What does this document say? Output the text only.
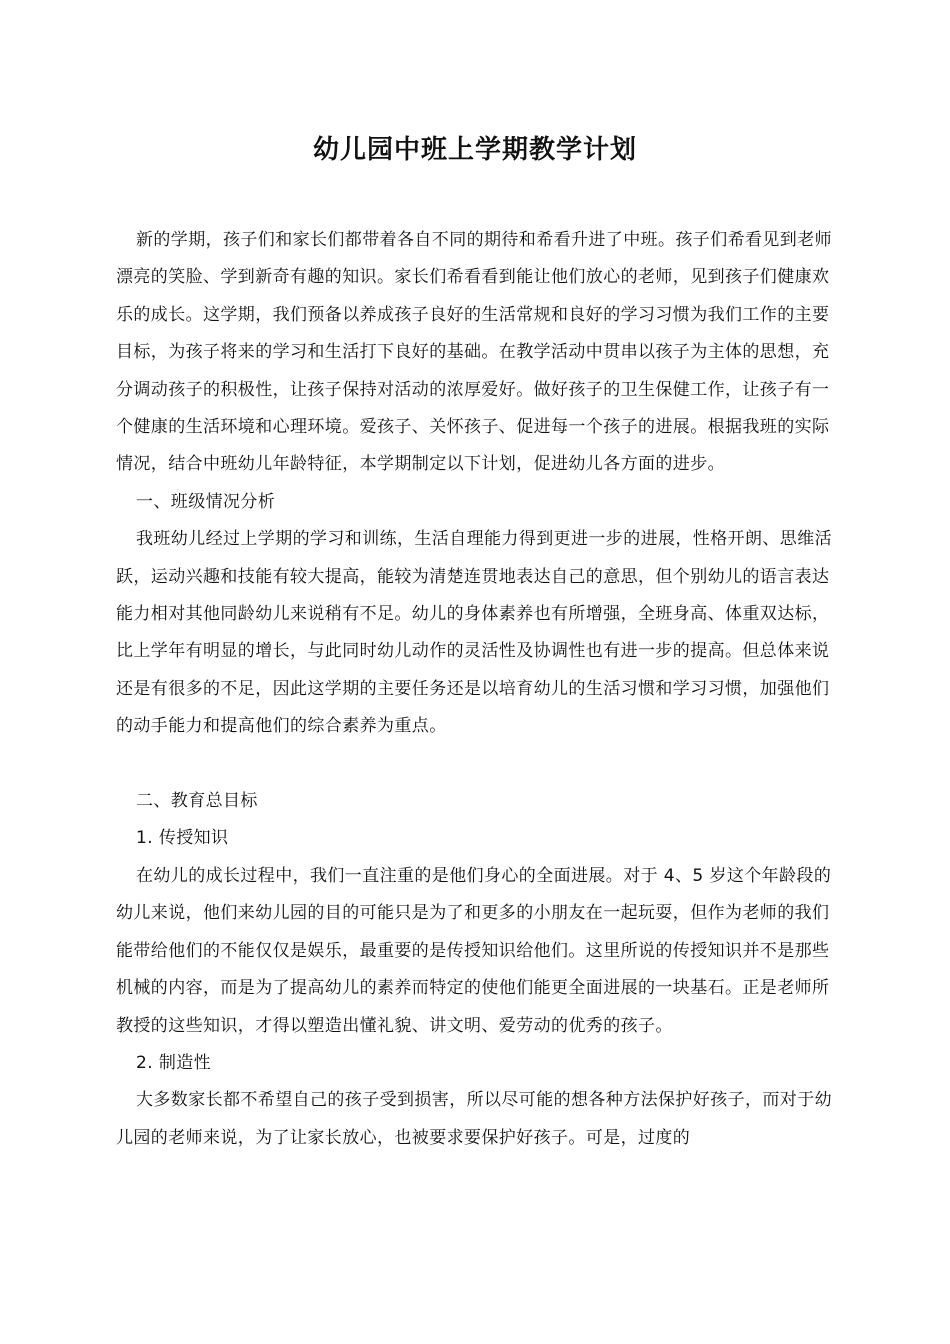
幼儿园中班上学期教学计划

新的学期，孩子们和家长们都带着各自不同的期待和希看升进了中班。孩子们希看见到老师漂亮的笑脸、学到新奇有趣的知识。家长们希看看到能让他们放心的老师，见到孩子们健康欢乐的成长。这学期，我们预备以养成孩子良好的生活常规和良好的学习习惯为我们工作的主要目标，为孩子将来的学习和生活打下良好的基础。在教学活动中贯串以孩子为主体的思想，充分调动孩子的积极性，让孩子保持对活动的浓厚爱好。做好孩子的卫生保健工作，让孩子有一个健康的生活环境和心理环境。爱孩子、关怀孩子、促进每一个孩子的进展。根据我班的实际情况，结合中班幼儿年龄特征，本学期制定以下计划，促进幼儿各方面的进步。

一、班级情况分析

我班幼儿经过上学期的学习和训练，生活自理能力得到更进一步的进展，性格开朗、思维活跃，运动兴趣和技能有较大提高，能较为清楚连贯地表达自己的意思，但个别幼儿的语言表达能力相对其他同龄幼儿来说稍有不足。幼儿的身体素养也有所增强，全班身高、体重双达标，比上学年有明显的增长，与此同时幼儿动作的灵活性及协调性也有进一步的提高。但总体来说还是有很多的不足，因此这学期的主要任务还是以培育幼儿的生活习惯和学习习惯，加强他们的动手能力和提高他们的综合素养为重点。

二、教育总目标

1. 传授知识

在幼儿的成长过程中，我们一直注重的是他们身心的全面进展。对于 4、5 岁这个年龄段的幼儿来说，他们来幼儿园的目的可能只是为了和更多的小朋友在一起玩耍，但作为老师的我们能带给他们的不能仅仅是娱乐，最重要的是传授知识给他们。这里所说的传授知识并不是那些机械的内容，而是为了提高幼儿的素养而特定的使他们能更全面进展的一块基石。正是老师所教授的这些知识，才得以塑造出懂礼貌、讲文明、爱劳动的优秀的孩子。

2. 制造性

大多数家长都不希望自己的孩子受到损害，所以尽可能的想各种方法保护好孩子，而对于幼儿园的老师来说，为了让家长放心，也被要求要保护好孩子。可是，过度的
